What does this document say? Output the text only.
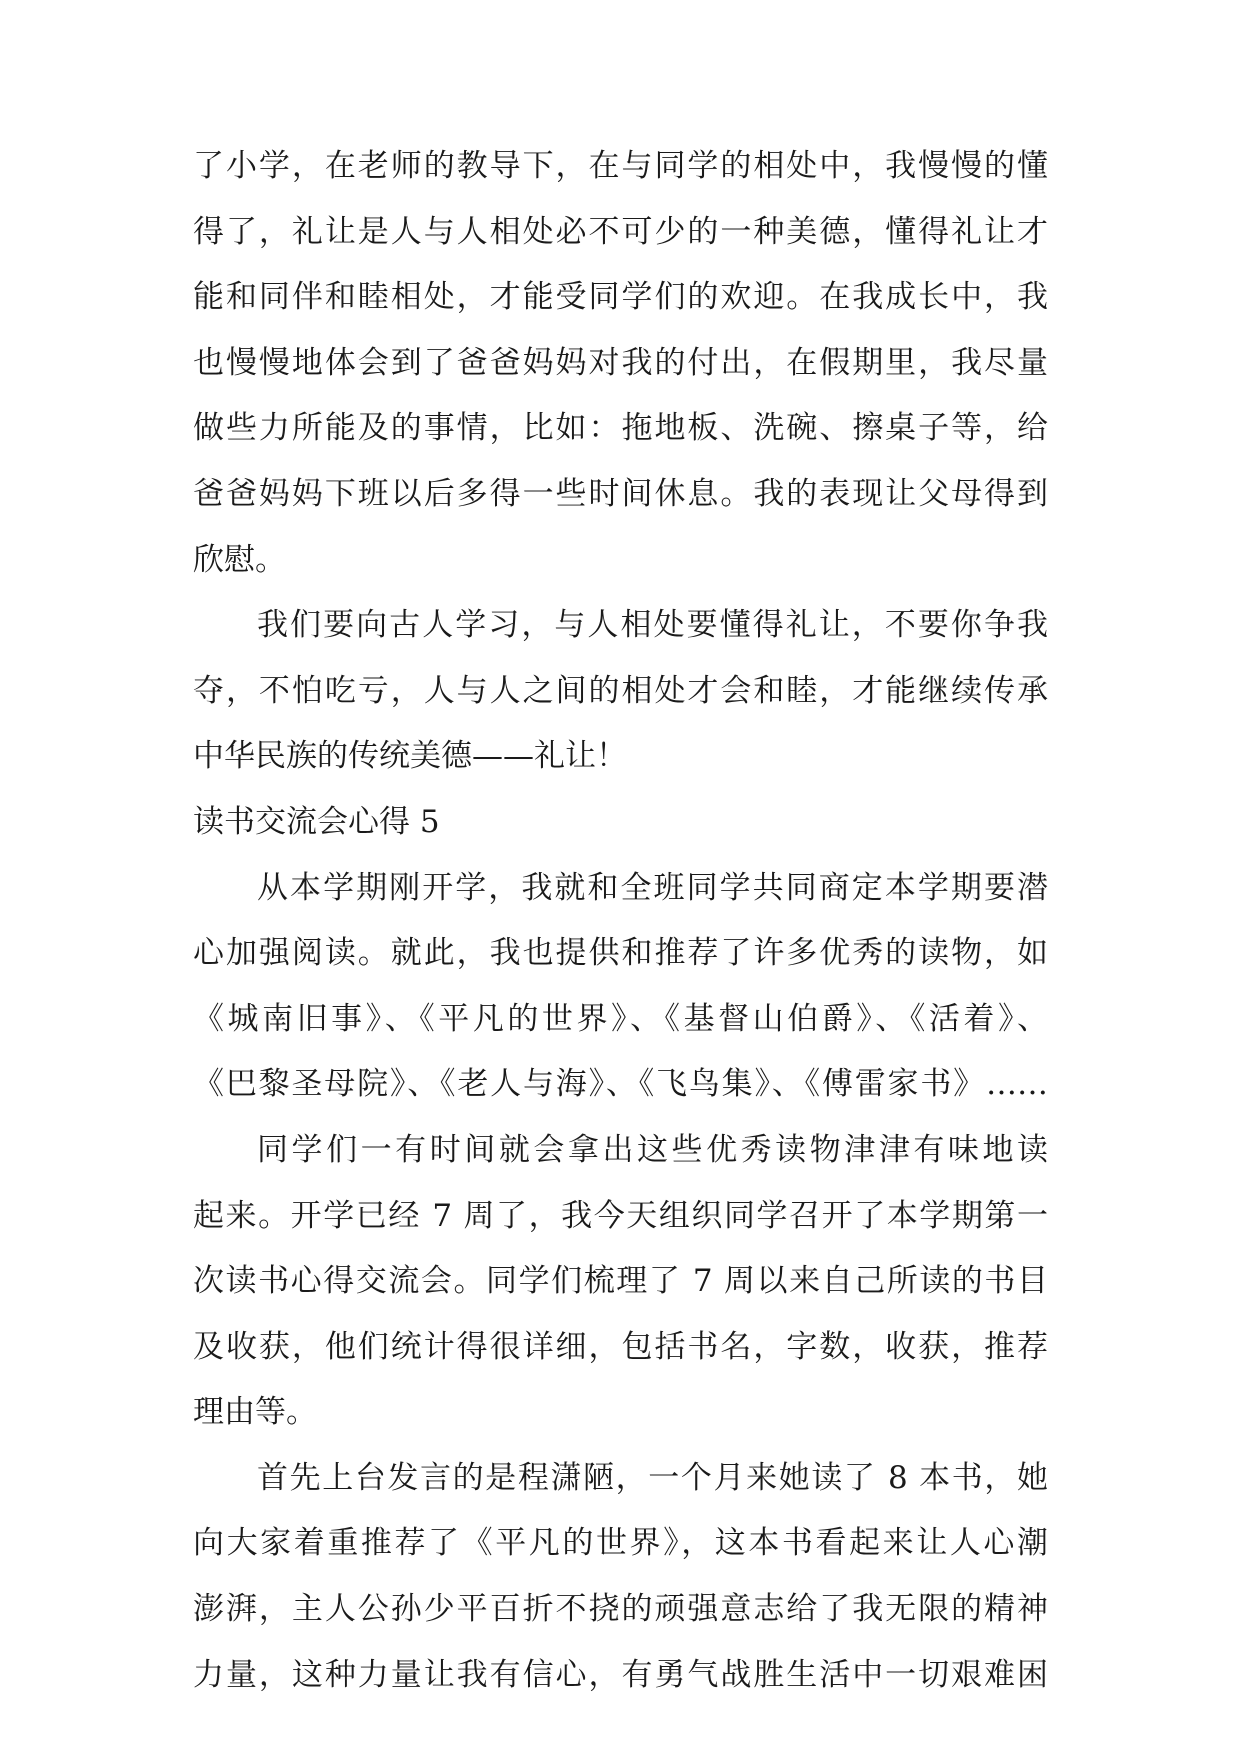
了小学，在老师的教导下，在与同学的相处中，我慢慢的懂
得了，礼让是人与人相处必不可少的一种美德，懂得礼让才
能和同伴和睦相处，才能受同学们的欢迎。在我成长中，我
也慢慢地体会到了爸爸妈妈对我的付出，在假期里，我尽量
做些力所能及的事情，比如：拖地板、洗碗、擦桌子等，给
爸爸妈妈下班以后多得一些时间休息。我的表现让父母得到
欣慰。
我们要向古人学习，与人相处要懂得礼让，不要你争我
夺，不怕吃亏，人与人之间的相处才会和睦，才能继续传承
中华民族的传统美德——礼让！
读书交流会心得 5
从本学期刚开学，我就和全班同学共同商定本学期要潜
心加强阅读。就此，我也提供和推荐了许多优秀的读物，如
《城南旧事》、《平凡的世界》、《基督山伯爵》、《活着》、
《巴黎圣母院》、《老人与海》、《飞鸟集》、《傅雷家书》……
同学们一有时间就会拿出这些优秀读物津津有味地读
起来。开学已经 7 周了，我今天组织同学召开了本学期第一
次读书心得交流会。同学们梳理了 7 周以来自己所读的书目
及收获，他们统计得很详细，包括书名，字数，收获，推荐
理由等。
首先上台发言的是程潇陋，一个月来她读了 8 本书，她
向大家着重推荐了《平凡的世界》，这本书看起来让人心潮
澎湃，主人公孙少平百折不挠的顽强意志给了我无限的精神
力量，这种力量让我有信心，有勇气战胜生活中一切艰难困
